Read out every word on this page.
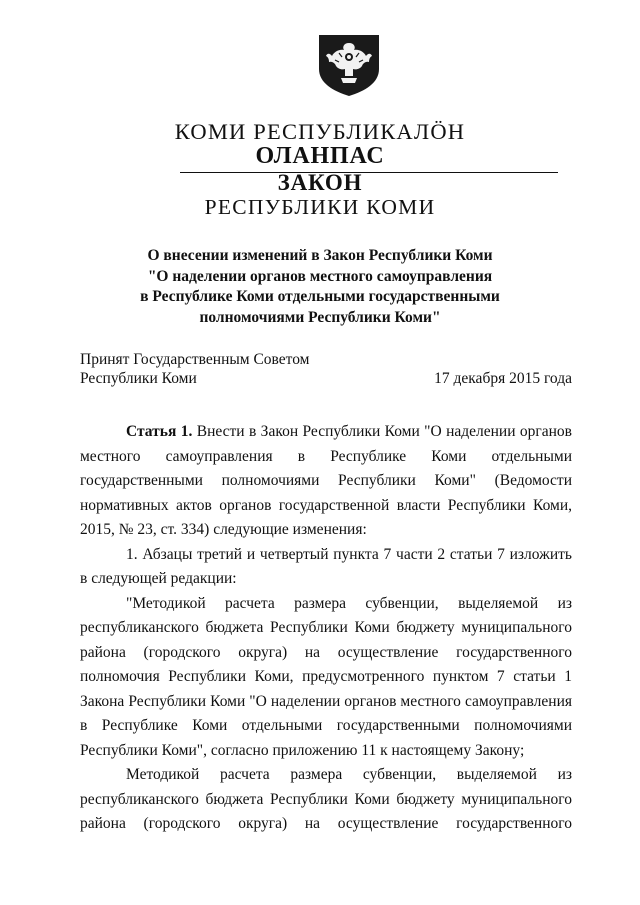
КОМИ РЕСПУБЛИКАЛÖН
ОЛАНПАС
ЗАКОН
РЕСПУБЛИКИ КОМИ
О внесении изменений в Закон Республики Коми
"О наделении органов местного самоуправления
в Республике Коми отдельными государственными
полномочиями Республики Коми"
Принят Государственным Советом
Республики Коми	17 декабря 2015 года

Статья 1. Внести в Закон Республики Коми "О наделении органов местного самоуправления в Республике Коми отдельными государственными полномочиями Республики Коми" (Ведомости нормативных актов органов государственной власти Республики Коми, 2015, № 23, ст. 334) следующие изменения:

1. Абзацы третий и четвертый пункта 7 части 2 статьи 7 изложить в следующей редакции:

"Методикой расчета размера субвенции, выделяемой из республиканского бюджета Республики Коми бюджету муниципального района (городского округа) на осуществление государственного полномочия Республики Коми, предусмотренного пунктом 7 статьи 1 Закона Республики Коми "О наделении органов местного самоуправления в Республике Коми отдельными государственными полномочиями Республики Коми", согласно приложению 11 к настоящему Закону;

Методикой расчета размера субвенции, выделяемой из республиканского бюджета Республики Коми бюджету муниципального района (городского округа) на осуществление государственного
